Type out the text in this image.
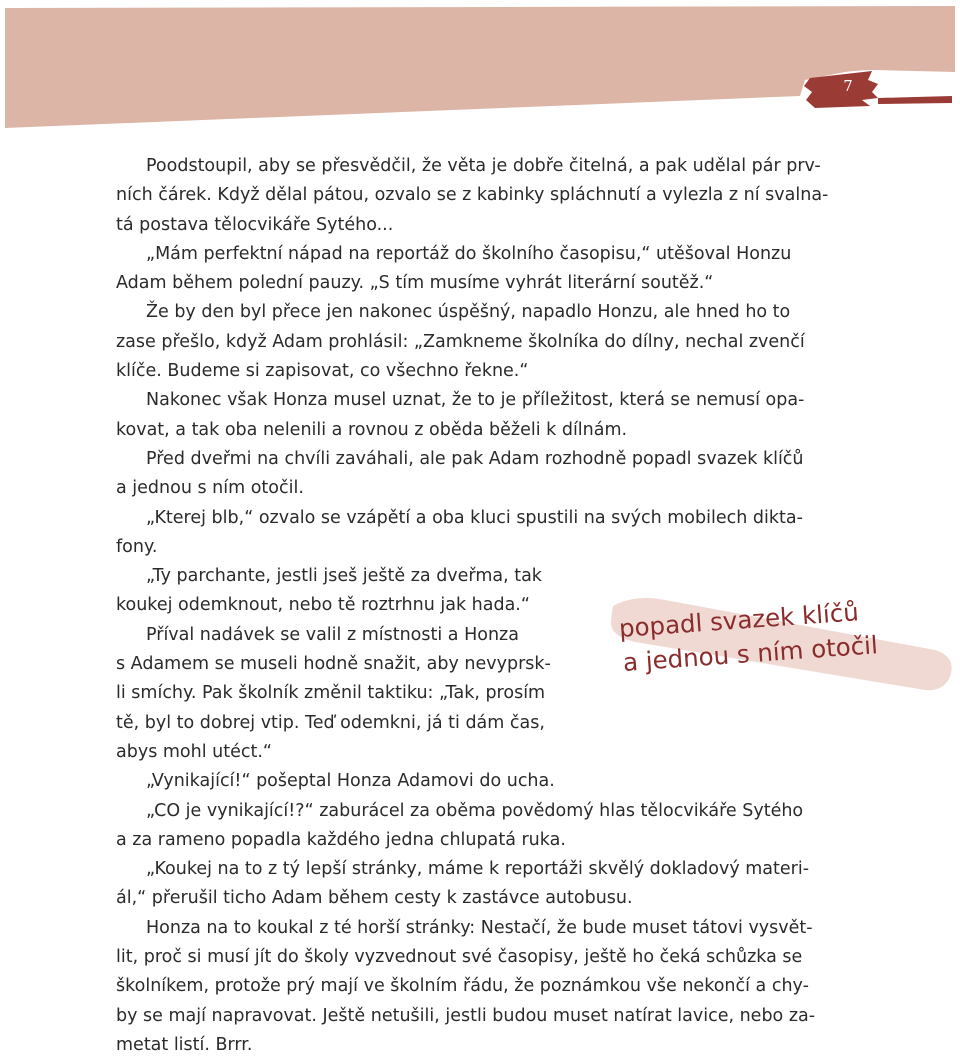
7

Poodstoupil, aby se přesvědčil, že věta je dobře čitelná, a pak udělal pár prv-
ních čárek. Když dělal pátou, ozvalo se z kabinky spláchnutí a vylezla z ní svalna-
tá postava tělocvikáře Sytého...

„Mám perfektní nápad na reportáž do školního časopisu,“ utěšoval Honzu
Adam během polední pauzy. „S tím musíme vyhrát literární soutěž.“

Že by den byl přece jen nakonec úspěšný, napadlo Honzu, ale hned ho to
zase přešlo, když Adam prohlásil: „Zamkneme školníka do dílny, nechal zvenčí
klíče. Budeme si zapisovat, co všechno řekne.“

Nakonec však Honza musel uznat, že to je příležitost, která se nemusí opa-
kovat, a tak oba nelenili a rovnou z oběda běželi k dílnám.

Před dveřmi na chvíli zaváhali, ale pak Adam rozhodně popadl svazek klíčů
a jednou s ním otočil.

„Kterej blb,“ ozvalo se vzápětí a oba kluci spustili na svých mobilech dikta-
fony.

„Ty parchante, jestli jseš ještě za dveřma, tak
koukej odemknout, nebo tě roztrhnu jak hada.“

Příval nadávek se valil z místnosti a Honza
s Adamem se museli hodně snažit, aby nevyprsk-
li smíchy. Pak školník změnil taktiku: „Tak, prosím
tě, byl to dobrej vtip. Teď odemkni, já ti dám čas,
abys mohl utéct.“

„Vynikající!“ pošeptal Honza Adamovi do ucha.

„CO je vynikající!?“ zaburácel za oběma povědomý hlas tělocvikáře Sytého
a za rameno popadla každého jedna chlupatá ruka.

„Koukej na to z tý lepší stránky, máme k reportáži skvělý dokladový materi-
ál,“ přerušil ticho Adam během cesty k zastávce autobusu.

Honza na to koukal z té horší stránky: Nestačí, že bude muset tátovi vysvět-
lit, proč si musí jít do školy vyzvednout své časopisy, ještě ho čeká schůzka se
školníkem, protože prý mají ve školním řádu, že poznámkou vše nekončí a chy-
by se mají napravovat. Ještě netušili, jestli budou muset natírat lavice, nebo za-
metat listí. Brrr.

popadl svazek klíčů
a jednou s ním otočil
